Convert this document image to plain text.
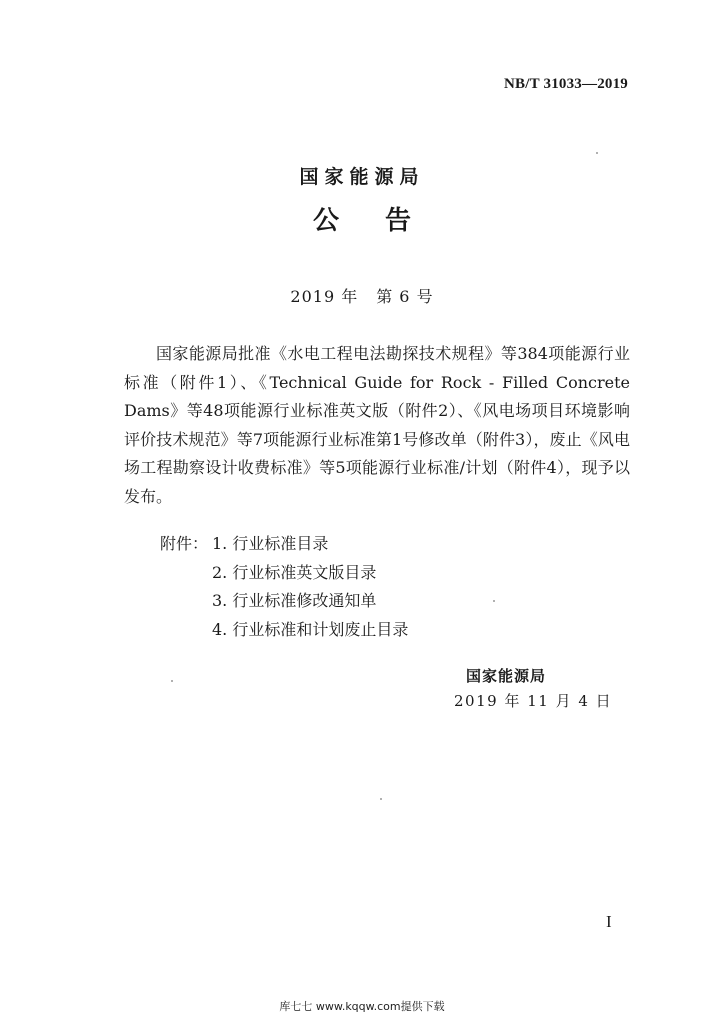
NB/T 31033—2019
国家能源局
公告
2019 年 第 6 号

国家能源局批准《水电工程电法勘探技术规程》等384项能源行业标准（附件1）、《Technical Guide for Rock - Filled Concrete Dams》等48项能源行业标准英文版（附件2）、《风电场项目环境影响评价技术规范》等7项能源行业标准第1号修改单（附件3），废止《风电场工程勘察设计收费标准》等5项能源行业标准/计划（附件4），现予以发布。

附件： 1. 行业标准目录
2. 行业标准英文版目录
3. 行业标准修改通知单
4. 行业标准和计划废止目录
国家能源局
2019 年 11 月 4 日
I
库七七 www.kqqw.com提供下载
